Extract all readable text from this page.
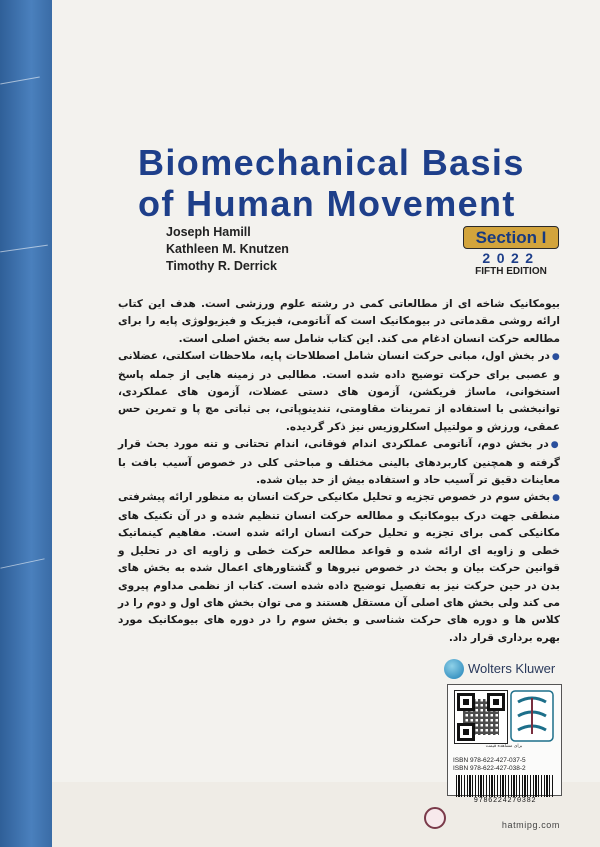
Biomechanical Basis
of Human Movement
Joseph Hamill
Kathleen M. Knutzen
Timothy R. Derrick
Section I
2022
FIFTH EDITION

بیومکانیک شاخه ای از مطالعاتی کمی در رشته علوم ورزشی است. هدف این کتاب ارائه روشی مقدماتی در بیومکانیک است که آناتومی، فیزیک و فیزیولوژی پایه را برای مطالعه حرکت انسان ادغام می کند. این کتاب شامل سه بخش اصلی است.

●در بخش اول، مبانی حرکت انسان شامل اصطلاحات پایه، ملاحظات اسکلتی، عضلانی و عصبی برای حرکت توضیح داده شده است. مطالبی در زمینه هایی از جمله پاسخ استخوانی، ماساژ فریکشن، آزمون های دستی عضلات، آزمون های عملکردی، توانبخشی با استفاده از تمرینات مقاومتی، تندینوپاتی، بی ثباتی مچ پا و تمرین حس عمقی، ورزش و مولتیپل اسکلروزیس نیز ذکر گردیده.

●در بخش دوم، آناتومی عملکردی اندام فوقانی، اندام تحتانی و تنه مورد بحث قرار گرفته و همچنین کاربردهای بالینی مختلف و مباحثی کلی در خصوص آسیب بافت با معاینات دقیق تر آسیب حاد و استفاده بیش از حد بیان شده.

●بخش سوم در خصوص تجزیه و تحلیل مکانیکی حرکت انسان به منظور ارائه پیشرفتی منطقی جهت درک بیومکانیک و مطالعه حرکت انسان تنظیم شده و در آن تکنیک های مکانیکی کمی برای تجزیه و تحلیل حرکت انسان ارائه شده است. مفاهیم کینماتیک خطی و زاویه ای ارائه شده و قواعد مطالعه حرکت خطی و زاویه ای در تحلیل و قوانین حرکت بیان و بحث در خصوص نیروها و گشتاورهای اعمال شده به بخش های بدن در حین حرکت نیز به تفصیل توضیح داده شده است. کتاب از نظمی مداوم پیروی می کند ولی بخش های اصلی آن مستقل هستند و می توان بخش های اول و دوم را در کلاس ها و دوره های حرکت شناسی و بخش سوم را در دوره های بیومکانیک مورد بهره برداری قرار داد.

Wolters Kluwer
برای مشاهده قیمت
ISBN 978-622-427-037-5
ISBN 978-622-427-038-2
9786224270382
hatmipg.com
